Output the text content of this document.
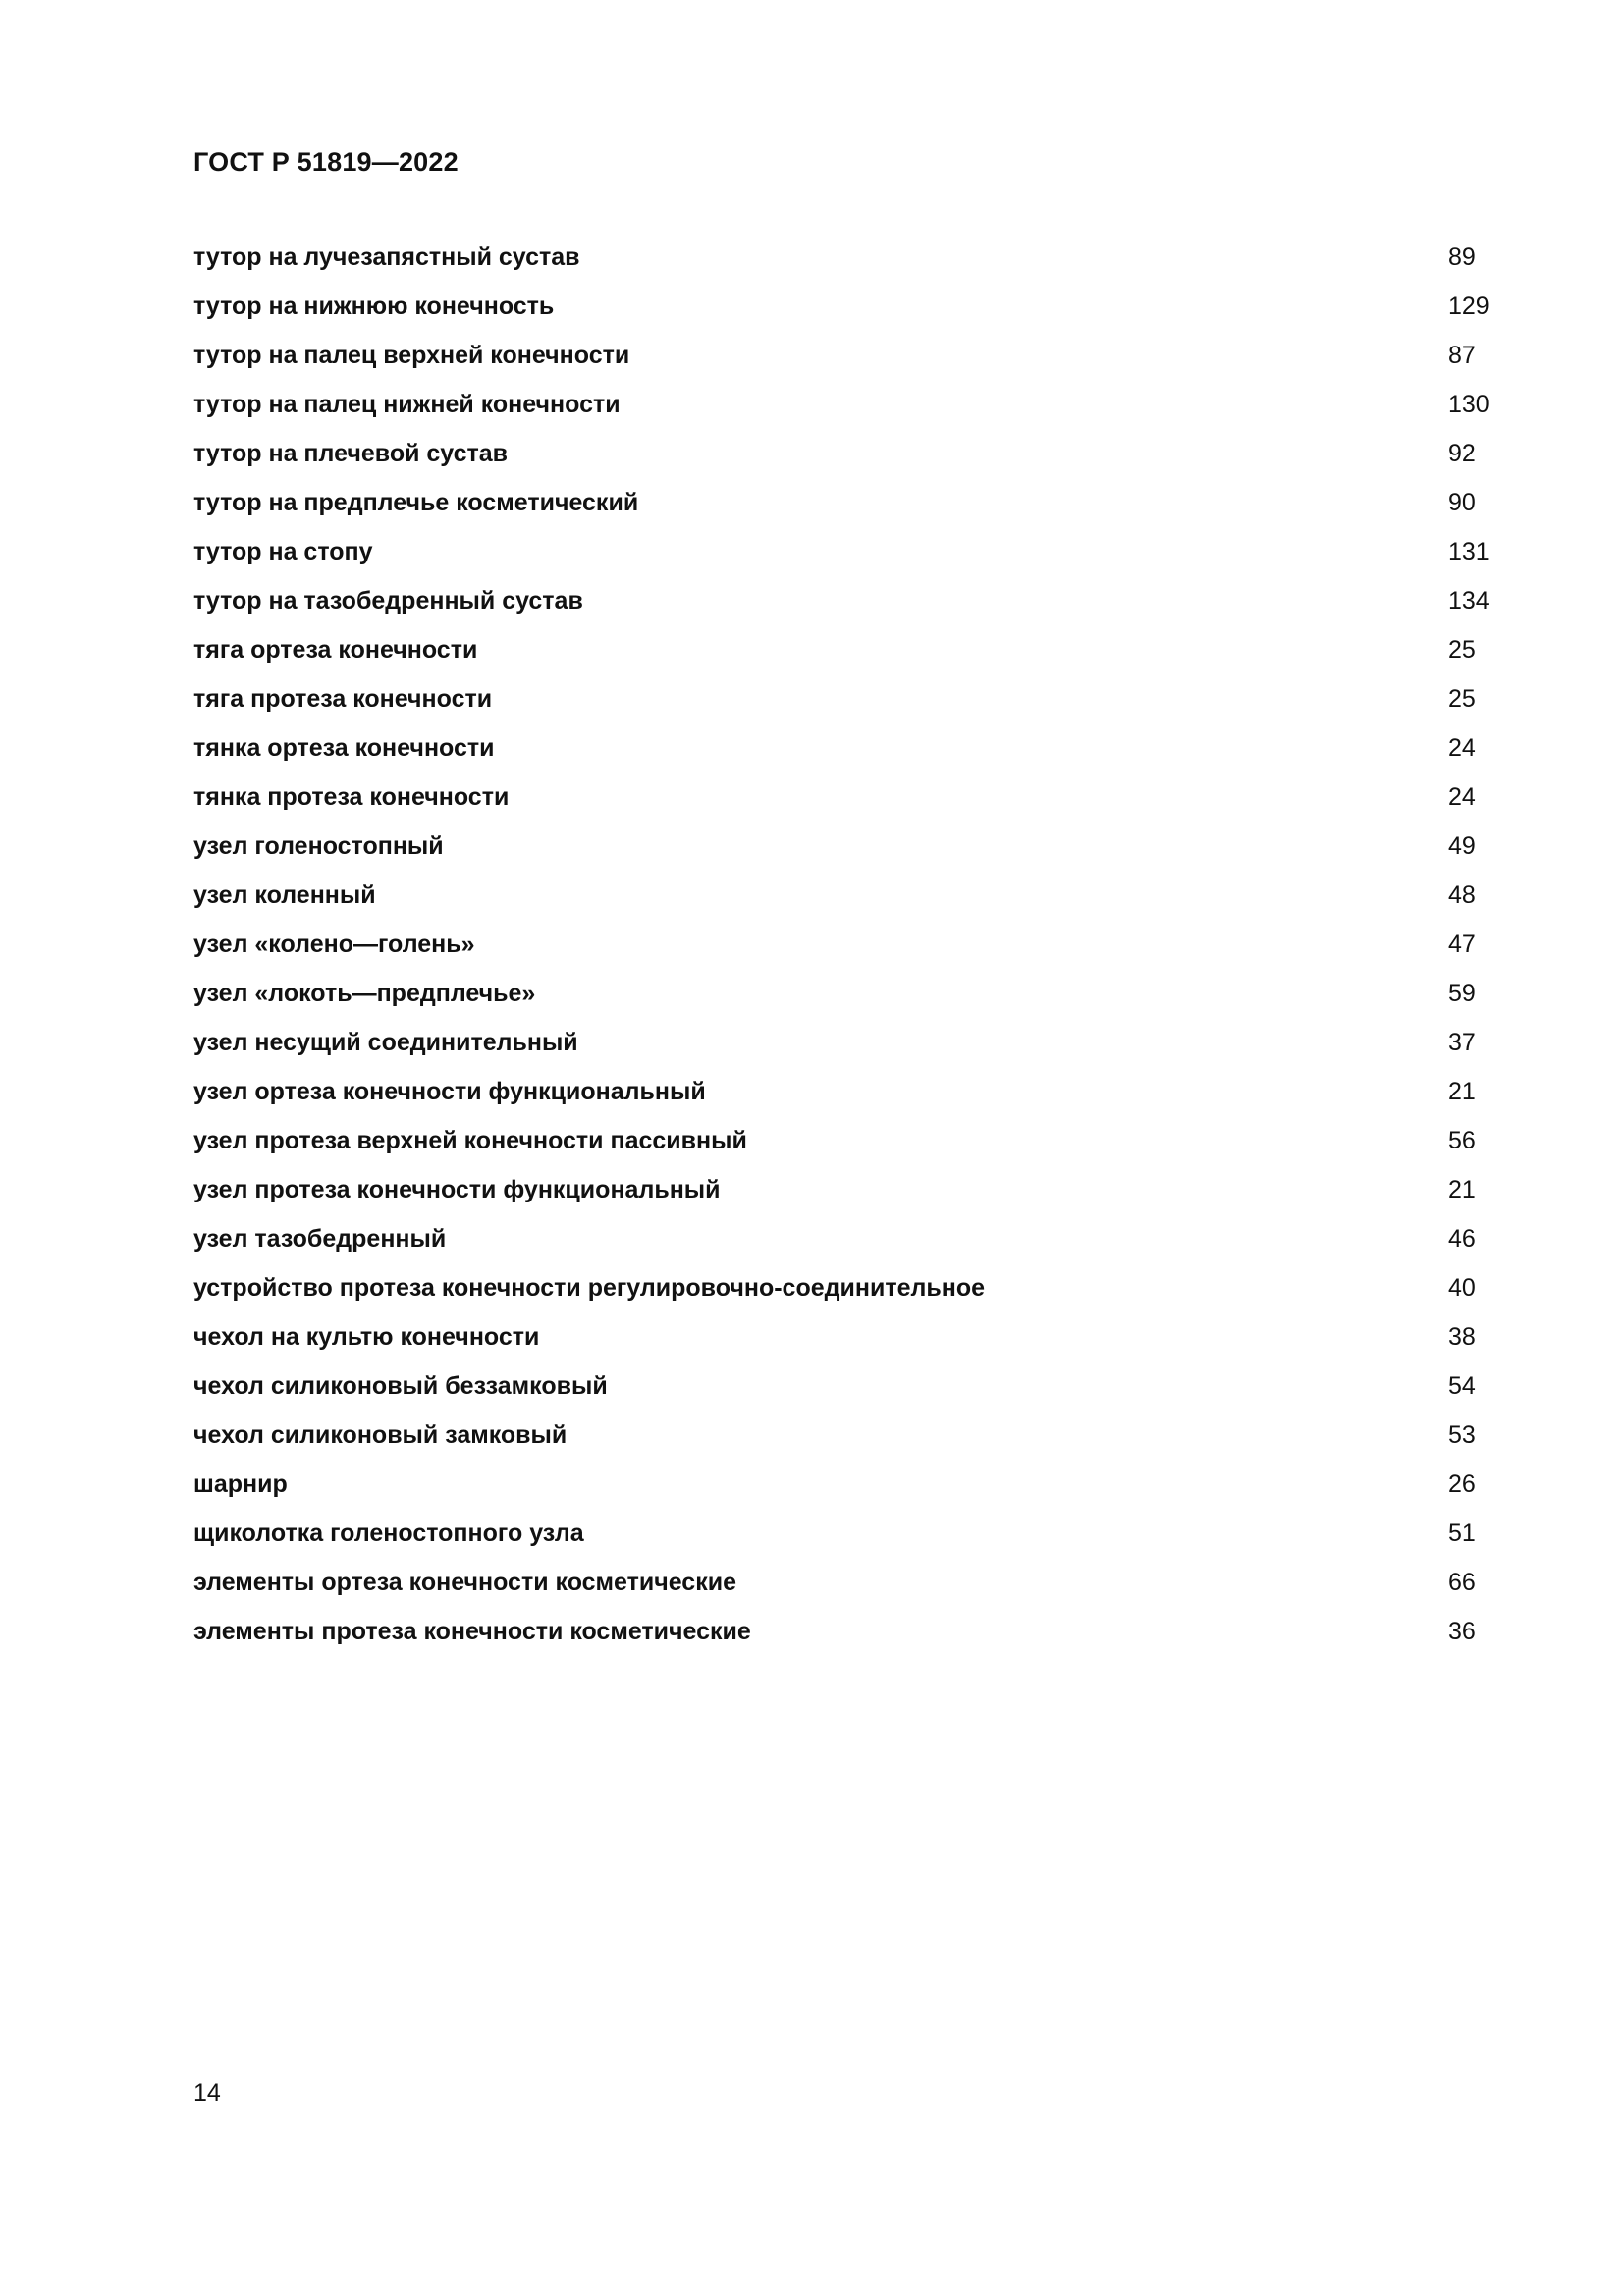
ГОСТ Р 51819—2022
тутор на лучезапястный сустав	89
тутор на нижнюю конечность	129
тутор на палец верхней конечности	87
тутор на палец нижней конечности	130
тутор на плечевой сустав	92
тутор на предплечье косметический	90
тутор на стопу	131
тутор на тазобедренный сустав	134
тяга ортеза конечности	25
тяга протеза конечности	25
тянка ортеза конечности	24
тянка протеза конечности	24
узел голеностопный	49
узел коленный	48
узел «колено—голень»	47
узел «локоть—предплечье»	59
узел несущий соединительный	37
узел ортеза конечности функциональный	21
узел протеза верхней конечности пассивный	56
узел протеза конечности функциональный	21
узел тазобедренный	46
устройство протеза конечности регулировочно-соединительное	40
чехол на культю конечности	38
чехол силиконовый беззамковый	54
чехол силиконовый замковый	53
шарнир	26
щиколотка голеностопного узла	51
элементы ортеза конечности косметические	66
элементы протеза конечности косметические	36
14
